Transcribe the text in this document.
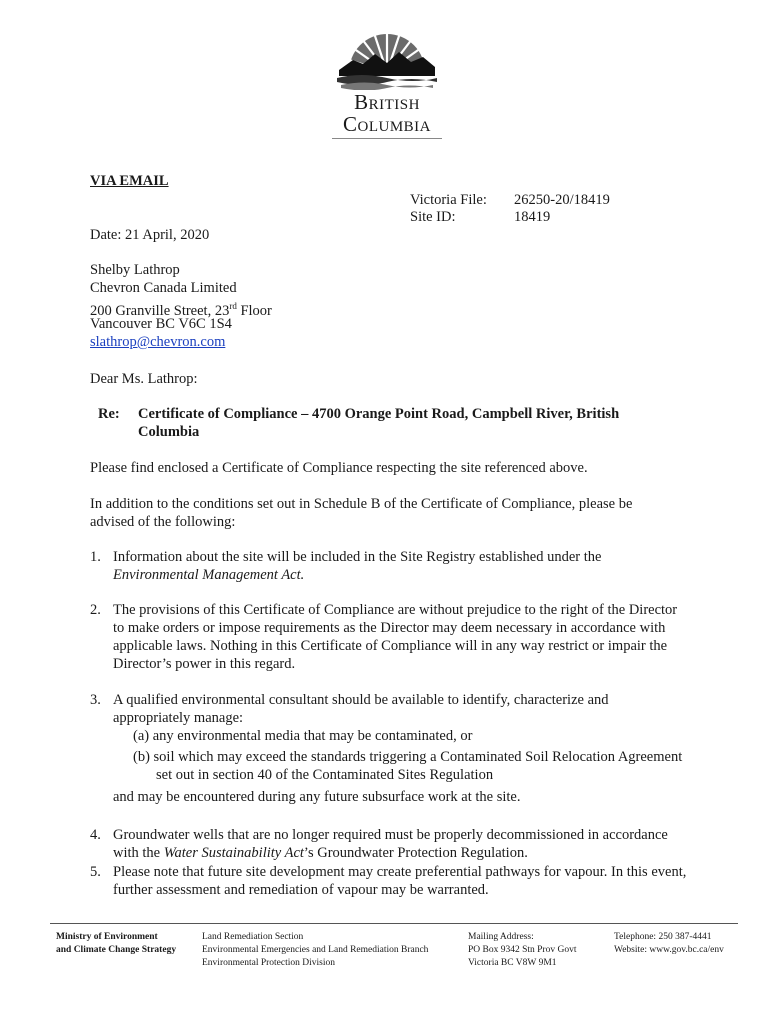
British
Columbia
VIA EMAIL
Victoria File: 26250-20/18419
Site ID:	18419
Date: 21 April, 2020
Shelby Lathrop
Chevron Canada Limited
200 Granville Street, 23rd Floor
Vancouver BC V6C 1S4
slathrop@chevron.com
Dear Ms. Lathrop:
Re: Certificate of Compliance – 4700 Orange Point Road, Campbell River, British
Columbia
Please find enclosed a Certificate of Compliance respecting the site referenced above.
In addition to the conditions set out in Schedule B of the Certificate of Compliance, please be
advised of the following:
1. Information about the site will be included in the Site Registry established under the
Environmental Management Act.
2. The provisions of this Certificate of Compliance are without prejudice to the right of the Director
to make orders or impose requirements as the Director may deem necessary in accordance with
applicable laws. Nothing in this Certificate of Compliance will in any way restrict or impair the
Director’s power in this regard.
3. A qualified environmental consultant should be available to identify, characterize and
appropriately manage:
(a) any environmental media that may be contaminated, or
(b) soil which may exceed the standards triggering a Contaminated Soil Relocation Agreement
set out in section 40 of the Contaminated Sites Regulation
and may be encountered during any future subsurface work at the site.
4. Groundwater wells that are no longer required must be properly decommissioned in accordance
with the Water Sustainability Act’s Groundwater Protection Regulation.
5. Please note that future site development may create preferential pathways for vapour. In this event,
further assessment and remediation of vapour may be warranted.
Ministry of Environment
and Climate Change Strategy
Land Remediation Section
Environmental Emergencies and Land Remediation Branch
Environmental Protection Division
Mailing Address:
PO Box 9342 Stn Prov Govt
Victoria BC V8W 9M1
Telephone: 250 387-4441
Website: www.gov.bc.ca/env
